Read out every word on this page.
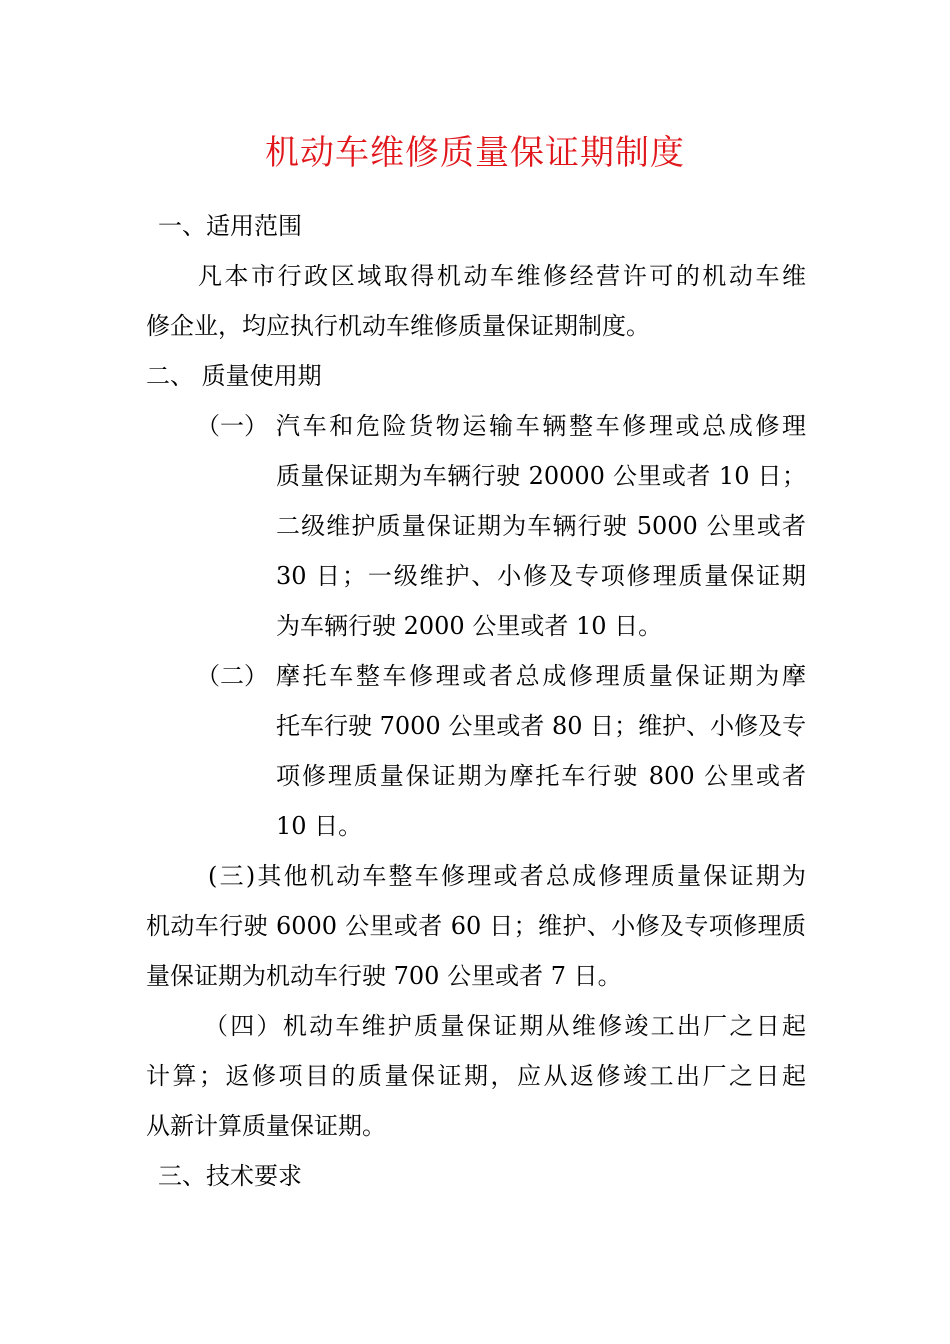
机动车维修质量保证期制度
一、适用范围
凡本市行政区域取得机动车维修经营许可的机动车维
修企业，均应执行机动车维修质量保证期制度。
二、 质量使用期
（一） 汽车和危险货物运输车辆整车修理或总成修理
质量保证期为车辆行驶 20000 公里或者 10 日；
二级维护质量保证期为车辆行驶 5000 公里或者
30 日；一级维护、小修及专项修理质量保证期
为车辆行驶 2000 公里或者 10 日。
（二） 摩托车整车修理或者总成修理质量保证期为摩
托车行驶 7000 公里或者 80 日；维护、小修及专
项修理质量保证期为摩托车行驶 800 公里或者
10 日。
(三)其他机动车整车修理或者总成修理质量保证期为
机动车行驶 6000 公里或者 60 日；维护、小修及专项修理质
量保证期为机动车行驶 700 公里或者 7 日。
（四）机动车维护质量保证期从维修竣工出厂之日起
计算；返修项目的质量保证期，应从返修竣工出厂之日起
从新计算质量保证期。
三、技术要求
